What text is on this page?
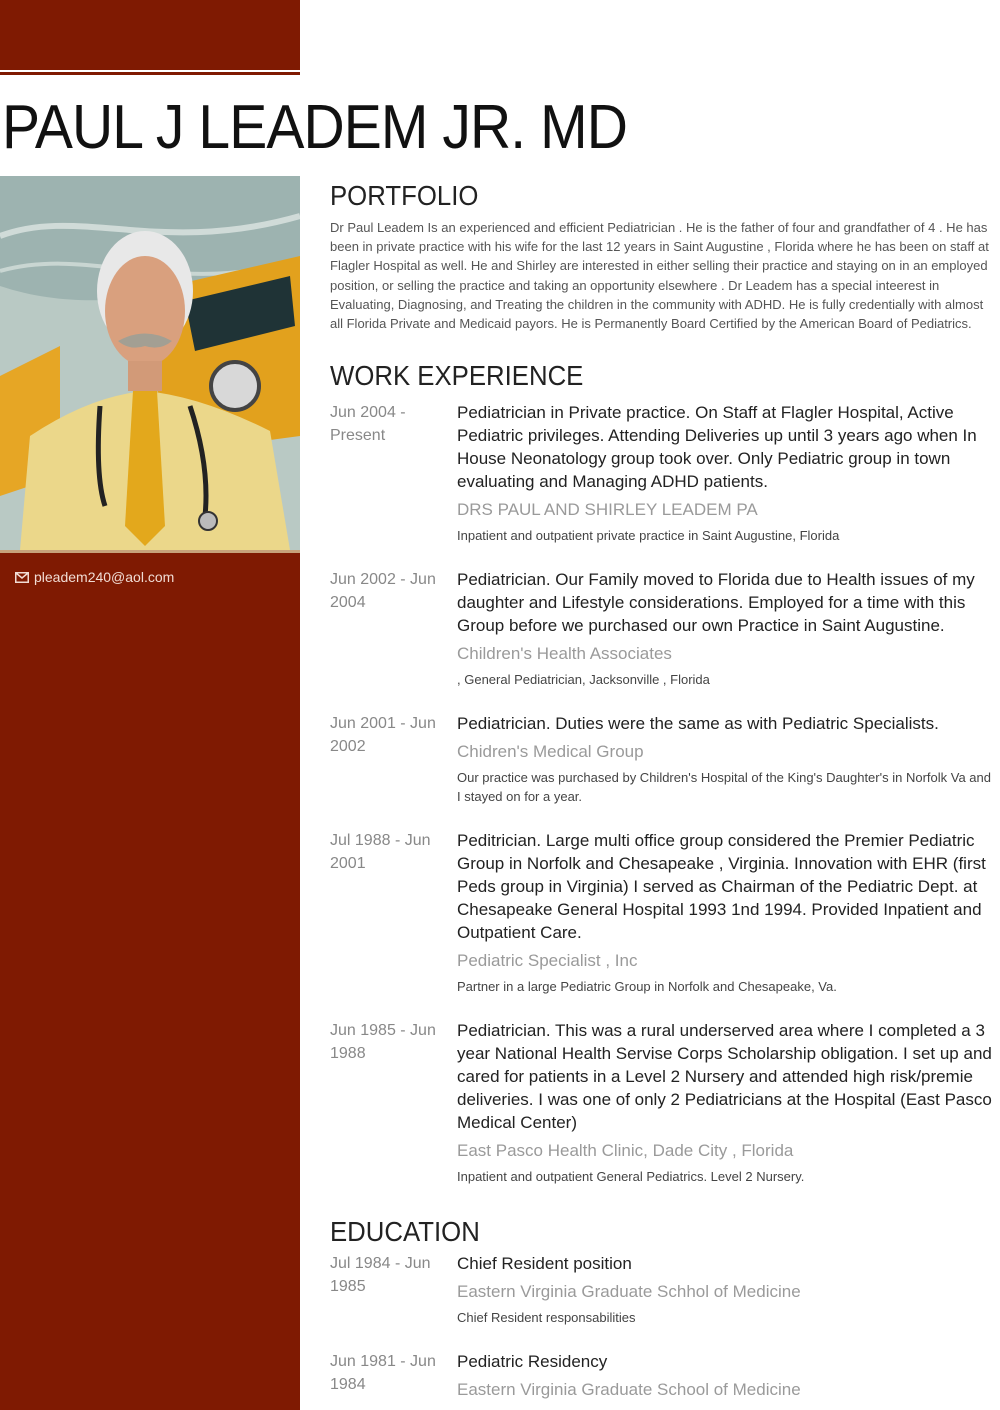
PAUL J LEADEM JR. MD
pleadem240@aol.com
PORTFOLIO

Dr Paul Leadem Is an experienced and efficient Pediatrician . He is the father of four and grandfather of 4 . He has been in private practice with his wife for the last 12 years in Saint Augustine , Florida where he has been on staff at Flagler Hospital as well. He and Shirley are interested in either selling their practice and staying on in an employed position, or selling the practice and taking an opportunity elsewhere . Dr Leadem has a special inteerest in Evaluating, Diagnosing, and Treating the children in the community with ADHD. He is fully credentially with almost all Florida Private and Medicaid payors. He is Permanently Board Certified by the American Board of Pediatrics.

WORK EXPERIENCE
Jun 2004 - Present

Pediatrician in Private practice. On Staff at Flagler Hospital, Active Pediatric privileges. Attending Deliveries up until 3 years ago when In House Neonatology group took over. Only Pediatric group in town evaluating and Managing ADHD patients.

DRS PAUL AND SHIRLEY LEADEM PA

Inpatient and outpatient private practice in Saint Augustine, Florida

Jun 2002 - Jun 2004

Pediatrician. Our Family moved to Florida due to Health issues of my daughter and Lifestyle considerations. Employed for a time with this Group before we purchased our own Practice in Saint Augustine.

Children's Health Associates

, General Pediatrician, Jacksonville , Florida

Jun 2001 - Jun 2002

Pediatrician. Duties were the same as with Pediatric Specialists.

Chidren's Medical Group

Our practice was purchased by Children's Hospital of the King's Daughter's in Norfolk Va and I stayed on for a year.

Jul 1988 - Jun 2001

Peditrician. Large multi office group considered the Premier Pediatric Group in Norfolk and Chesapeake , Virginia. Innovation with EHR (first Peds group in Virginia) I served as Chairman of the Pediatric Dept. at Chesapeake General Hospital 1993 1nd 1994. Provided Inpatient and Outpatient Care.

Pediatric Specialist , Inc

Partner in a large Pediatric Group in Norfolk and Chesapeake, Va.

Jun 1985 - Jun 1988

Pediatrician. This was a rural underserved area where I completed a 3 year National Health Servise Corps Scholarship obligation. I set up and cared for patients in a Level 2 Nursery and attended high risk/premie deliveries. I was one of only 2 Pediatricians at the Hospital (East Pasco Medical Center)

East Pasco Health Clinic, Dade City , Florida

Inpatient and outpatient General Pediatrics. Level 2 Nursery.

EDUCATION
Jul 1984 - Jun 1985

Chief Resident position

Eastern Virginia Graduate Schhol of Medicine

Chief Resident responsabilities

Jun 1981 - Jun 1984

Pediatric Residency

Eastern Virginia Graduate School of Medicine
